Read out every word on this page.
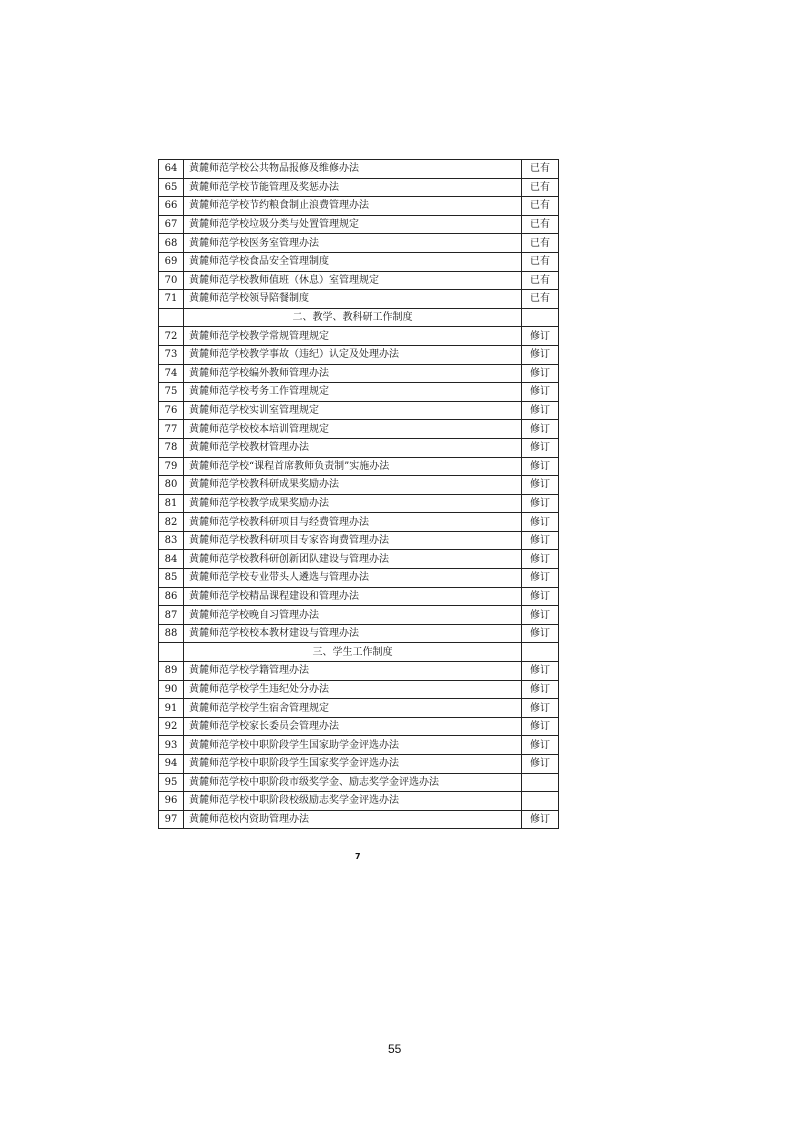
64	黄麓师范学校公共物品报修及维修办法	已有
65	黄麓师范学校节能管理及奖惩办法	已有
66	黄麓师范学校节约粮食制止浪费管理办法	已有
67	黄麓师范学校垃圾分类与处置管理规定	已有
68	黄麓师范学校医务室管理办法	已有
69	黄麓师范学校食品安全管理制度	已有
70	黄麓师范学校教师值班（休息）室管理规定	已有
71	黄麓师范学校领导陪餐制度	已有
	二、教学、教科研工作制度	
72	黄麓师范学校教学常规管理规定	修订
73	黄麓师范学校教学事故（违纪）认定及处理办法	修订
74	黄麓师范学校编外教师管理办法	修订
75	黄麓师范学校考务工作管理规定	修订
76	黄麓师范学校实训室管理规定	修订
77	黄麓师范学校校本培训管理规定	修订
78	黄麓师范学校教材管理办法	修订
79	黄麓师范学校“课程首席教师负责制”实施办法	修订
80	黄麓师范学校教科研成果奖励办法	修订
81	黄麓师范学校教学成果奖励办法	修订
82	黄麓师范学校教科研项目与经费管理办法	修订
83	黄麓师范学校教科研项目专家咨询费管理办法	修订
84	黄麓师范学校教科研创新团队建设与管理办法	修订
85	黄麓师范学校专业带头人遴选与管理办法	修订
86	黄麓师范学校精品课程建设和管理办法	修订
87	黄麓师范学校晚自习管理办法	修订
88	黄麓师范学校校本教材建设与管理办法	修订
	三、学生工作制度	
89	黄麓师范学校学籍管理办法	修订
90	黄麓师范学校学生违纪处分办法	修订
91	黄麓师范学校学生宿舍管理规定	修订
92	黄麓师范学校家长委员会管理办法	修订
93	黄麓师范学校中职阶段学生国家助学金评选办法	修订
94	黄麓师范学校中职阶段学生国家奖学金评选办法	修订
95	黄麓师范学校中职阶段市级奖学金、励志奖学金评选办法	
96	黄麓师范学校中职阶段校级励志奖学金评选办法	
97	黄麓师范校内资助管理办法	修订
7
55
